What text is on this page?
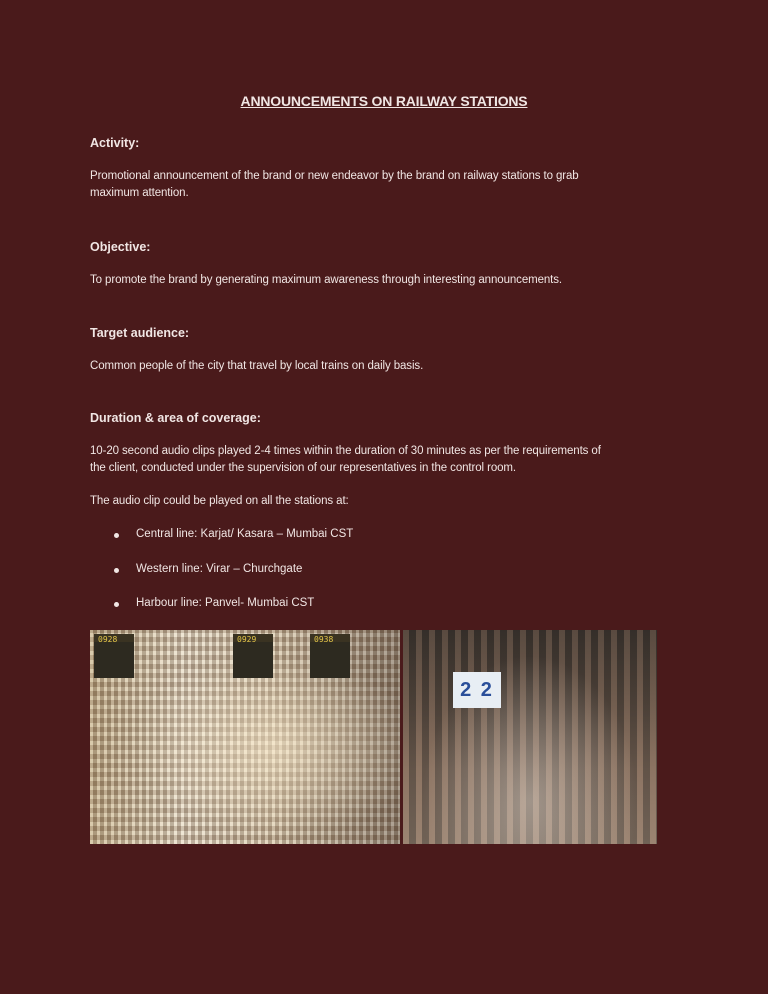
ANNOUNCEMENTS ON RAILWAY STATIONS
Activity:
Promotional announcement of the brand or new endeavor by the brand on railway stations to grab
maximum attention.
Objective:
To promote the brand by generating maximum awareness through interesting announcements.
Target audience:
Common people of the city that travel by local trains on daily basis.
Duration & area of coverage:
10-20 second audio clips played 2-4 times within the duration of 30 minutes as per the requirements of
the client, conducted under the supervision of our representatives in the control room.
The audio clip could be played on all the stations at:
Central line: Karjat/ Kasara – Mumbai CST
Western line: Virar – Churchgate
Harbour line: Panvel- Mumbai CST
0928	0929	0938
2 2
